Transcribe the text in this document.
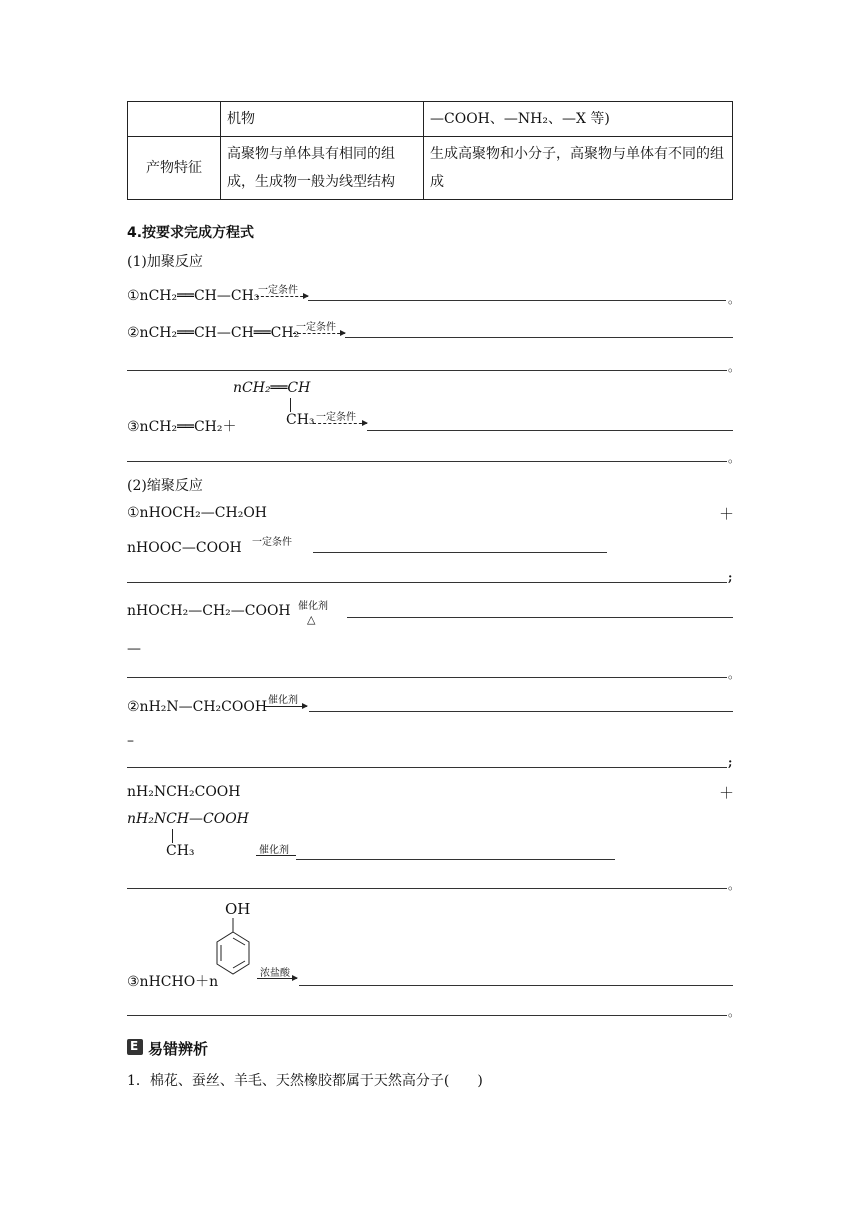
	机物	—COOH、—NH₂、—X 等)
产物特征	高聚物与单体具有相同的组成，生成物一般为线型结构	生成高聚物和小分子，高聚物与单体有不同的组成
4.按要求完成方程式
(1)加聚反应
①nCH₂══CH—CH₃
一定条件
。
②nCH₂══CH—CH══CH₂
一定条件
。
nCH₂══CH
CH₃
③nCH₂══CH₂＋
一定条件
。
(2)缩聚反应
①nHOCH₂—CH₂OH	＋
nHOOC—COOH 一定条件
;
nHOCH₂—CH₂—COOH 催化剂
△
—
。
②nH₂N—CH₂COOH 催化剂
–
;
nH₂NCH₂COOH	＋
nH₂NCH—COOH
CH₃	催化剂
。
OH
③nHCHO＋n
浓盐酸
。
E 易错辨析
1．棉花、蚕丝、羊毛、天然橡胶都属于天然高分子(　　)
